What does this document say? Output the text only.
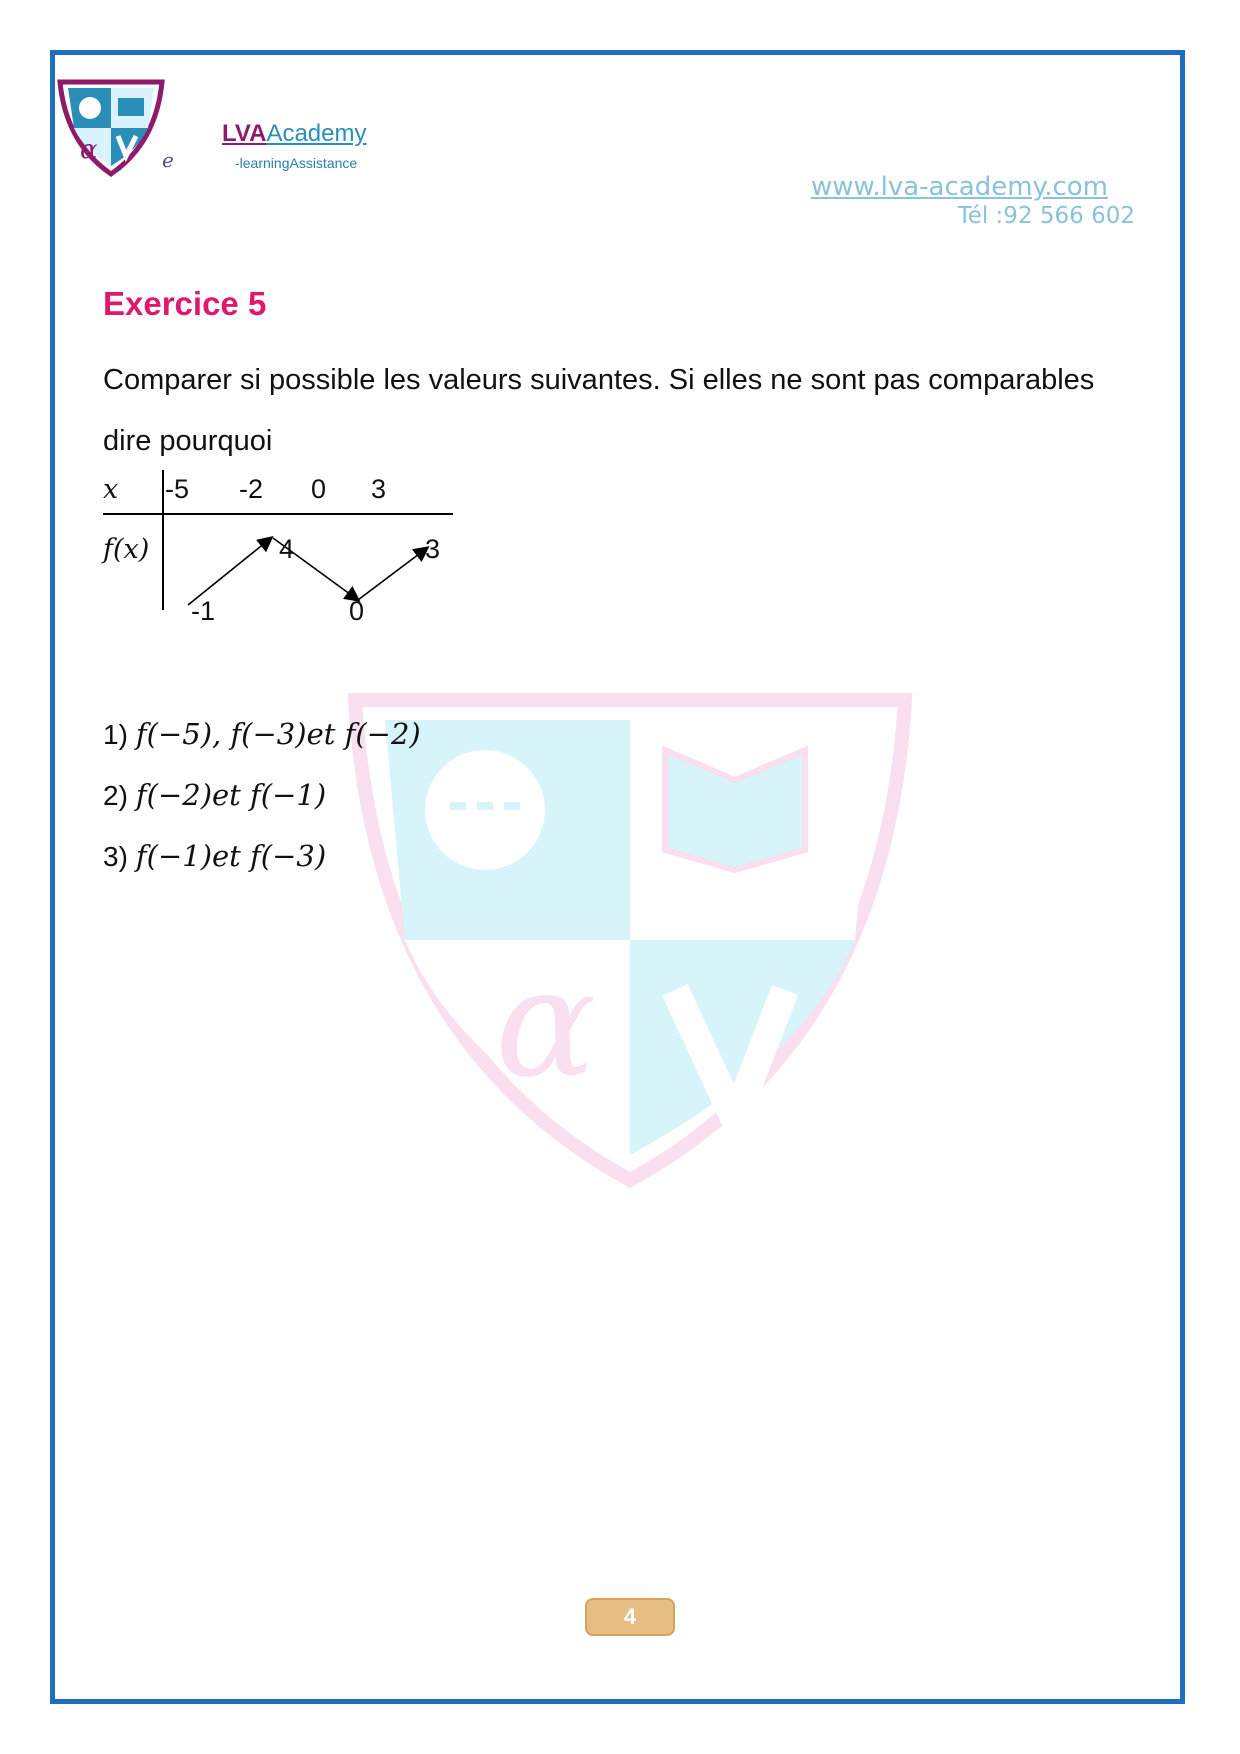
α
α	e
LVAAcademy
-learningAssistance
www.lva-academy.com
Tél :92 566 602
Exercice 5
Comparer si possible les valeurs suivantes. Si elles ne sont pas comparables dire pourquoi
x -5 -2 0 3
f(x)
-1
4
0
3
1) f(−5), f(−3)et f(−2)
2) f(−2)et f(−1)
3) f(−1)et f(−3)
4
